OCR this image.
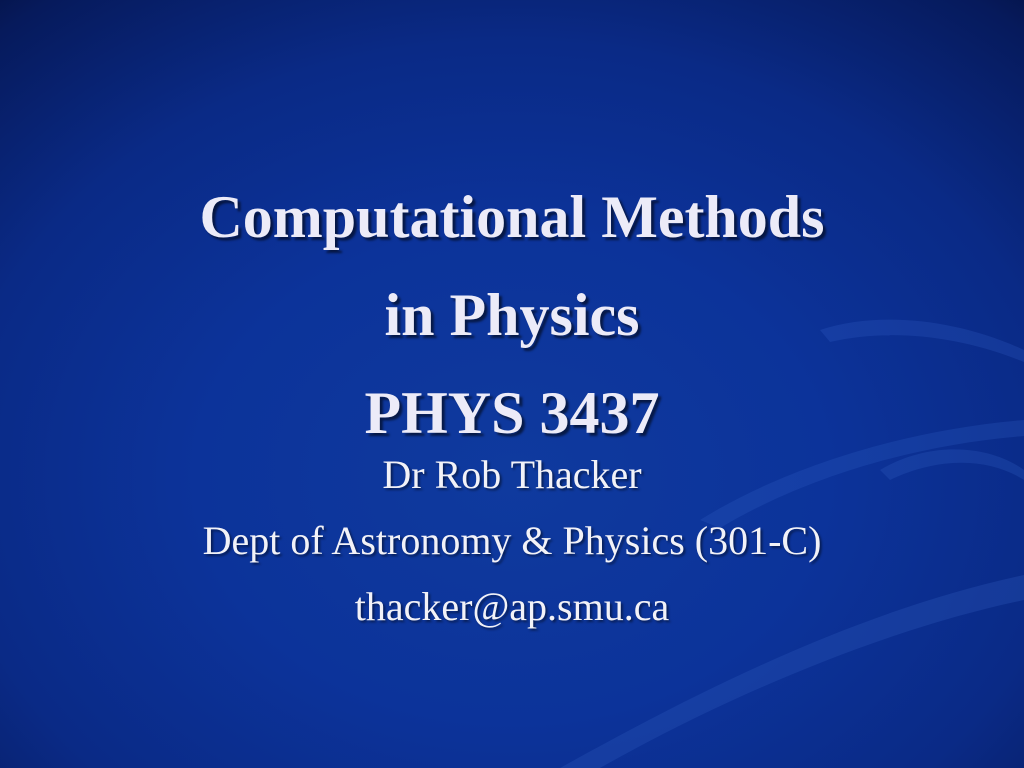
Computational Methods
in Physics
PHYS 3437
Dr Rob Thacker
Dept of Astronomy & Physics (301-C)
thacker@ap.smu.ca
